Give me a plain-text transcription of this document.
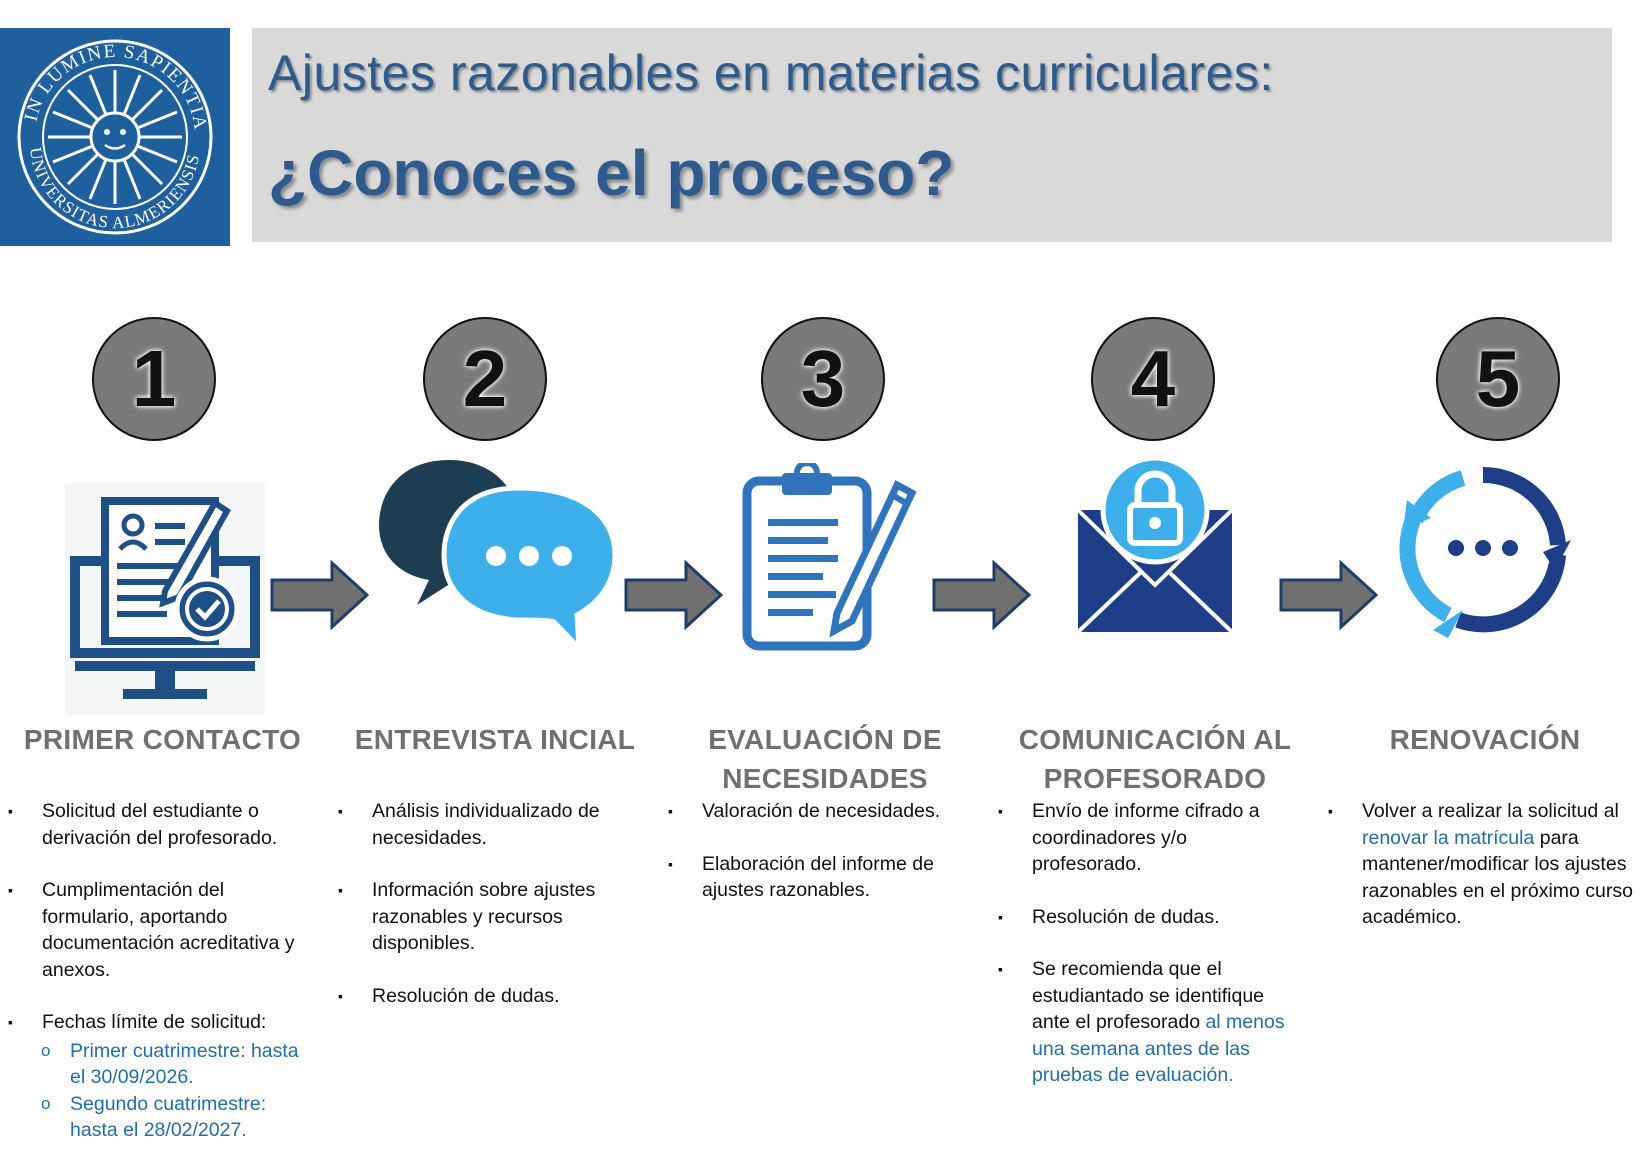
IN LUMINE SAPIENTIA
UNIVERSITAS ALMERIENSIS
Ajustes razonables en materias curriculares:
¿Conoces el proceso?
1	2	3	4	5
PRIMER CONTACTO	ENTREVISTA INCIAL	EVALUACIÓN DE
NECESIDADES
COMUNICACIÓN AL
PROFESORADO
RENOVACIÓN
▪ Solicitud del estudiante o derivación del profesorado.
▪ Cumplimentación del formulario, aportando documentación acreditativa y anexos.
▪ Fechas límite de solicitud:
o Primer cuatrimestre: hasta el 30/09/2026.
o Segundo cuatrimestre: hasta el 28/02/2027.
▪ Análisis individualizado de necesidades.
▪ Información sobre ajustes razonables y recursos disponibles.
▪ Resolución de dudas.
▪ Valoración de necesidades.
▪ Elaboración del informe de ajustes razonables.
▪ Envío de informe cifrado a coordinadores y/o profesorado.
▪ Resolución de dudas.
▪ Se recomienda que el estudiantado se identifique ante el profesorado al menos una semana antes de las pruebas de evaluación.
▪ Volver a realizar la solicitud al renovar la matrícula para mantener/modificar los ajustes razonables en el próximo curso académico.
